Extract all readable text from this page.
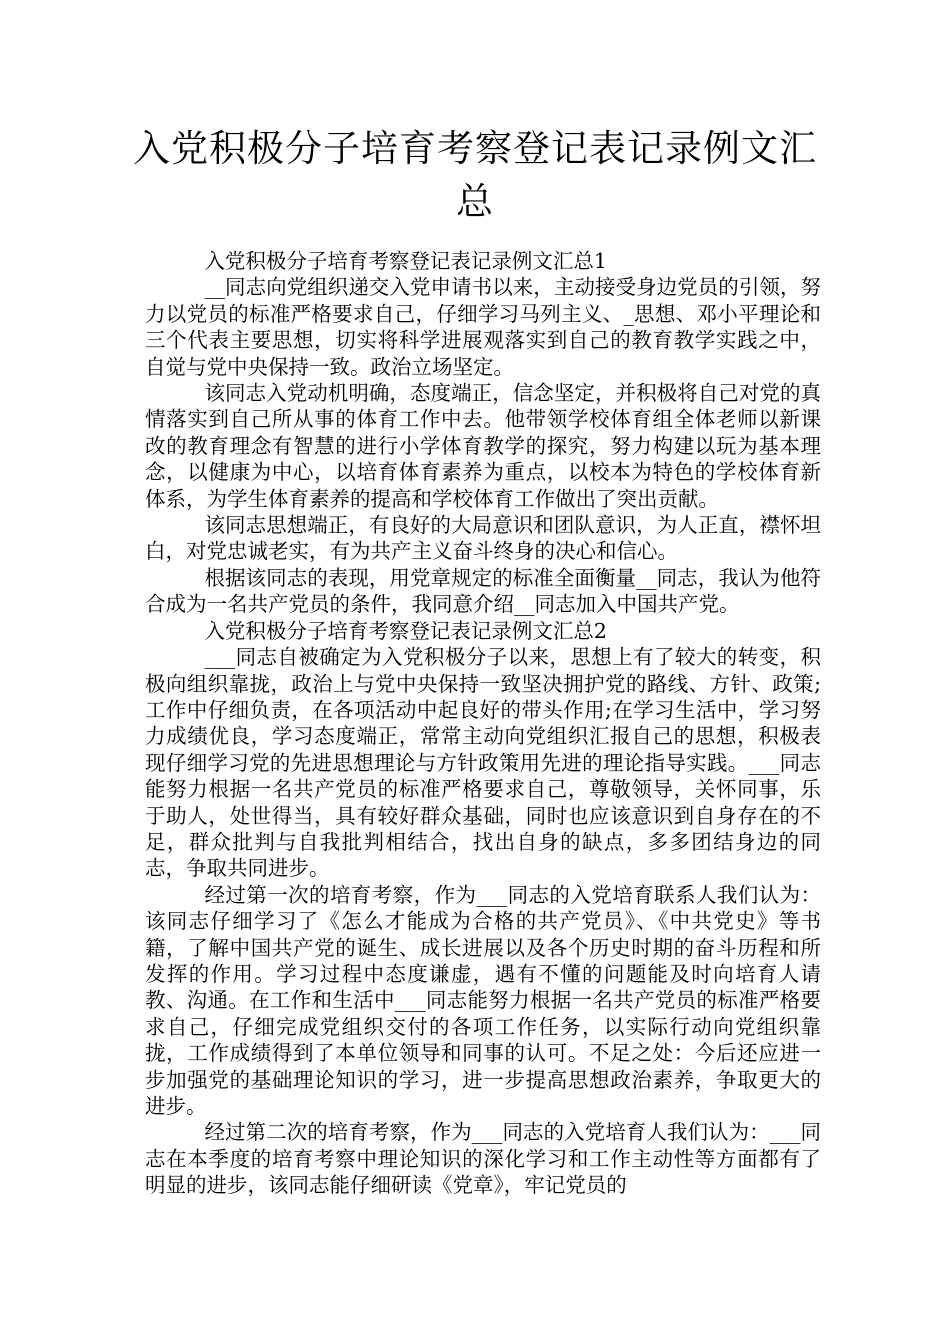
入党积极分子培育考察登记表记录例文汇
总

入党积极分子培育考察登记表记录例文汇总1

__同志向党组织递交入党申请书以来，主动接受身边党员的引领，努力以党员的标准严格要求自己，仔细学习马列主义、_思想、邓小平理论和三个代表主要思想，切实将科学进展观落实到自己的教育教学实践之中，自觉与党中央保持一致。政治立场坚定。

该同志入党动机明确，态度端正，信念坚定，并积极将自己对党的真情落实到自己所从事的体育工作中去。他带领学校体育组全体老师以新课改的教育理念有智慧的进行小学体育教学的探究，努力构建以玩为基本理念，以健康为中心，以培育体育素养为重点，以校本为特色的学校体育新体系，为学生体育素养的提高和学校体育工作做出了突出贡献。

该同志思想端正，有良好的大局意识和团队意识，为人正直，襟怀坦白，对党忠诚老实，有为共产主义奋斗终身的决心和信心。

根据该同志的表现，用党章规定的标准全面衡量__同志，我认为他符合成为一名共产党员的条件，我同意介绍__同志加入中国共产党。

入党积极分子培育考察登记表记录例文汇总2

___同志自被确定为入党积极分子以来，思想上有了较大的转变，积极向组织靠拢，政治上与党中央保持一致坚决拥护党的路线、方针、政策;工作中仔细负责，在各项活动中起良好的带头作用;在学习生活中，学习努力成绩优良，学习态度端正，常常主动向党组织汇报自己的思想，积极表现仔细学习党的先进思想理论与方针政策用先进的理论指导实践。___同志能努力根据一名共产党员的标准严格要求自己，尊敬领导，关怀同事，乐于助人，处世得当，具有较好群众基础，同时也应该意识到自身存在的不足，群众批判与自我批判相结合，找出自身的缺点，多多团结身边的同志，争取共同进步。

经过第一次的培育考察，作为___同志的入党培育联系人我们认为：该同志仔细学习了《怎么才能成为合格的共产党员》、《中共党史》等书籍，了解中国共产党的诞生、成长进展以及各个历史时期的奋斗历程和所发挥的作用。学习过程中态度谦虚，遇有不懂的问题能及时向培育人请教、沟通。在工作和生活中___同志能努力根据一名共产党员的标准严格要求自己，仔细完成党组织交付的各项工作任务，以实际行动向党组织靠拢，工作成绩得到了本单位领导和同事的认可。不足之处：今后还应进一步加强党的基础理论知识的学习，进一步提高思想政治素养，争取更大的进步。

经过第二次的培育考察，作为___同志的入党培育人我们认为：___同志在本季度的培育考察中理论知识的深化学习和工作主动性等方面都有了明显的进步，该同志能仔细研读《党章》，牢记党员的
